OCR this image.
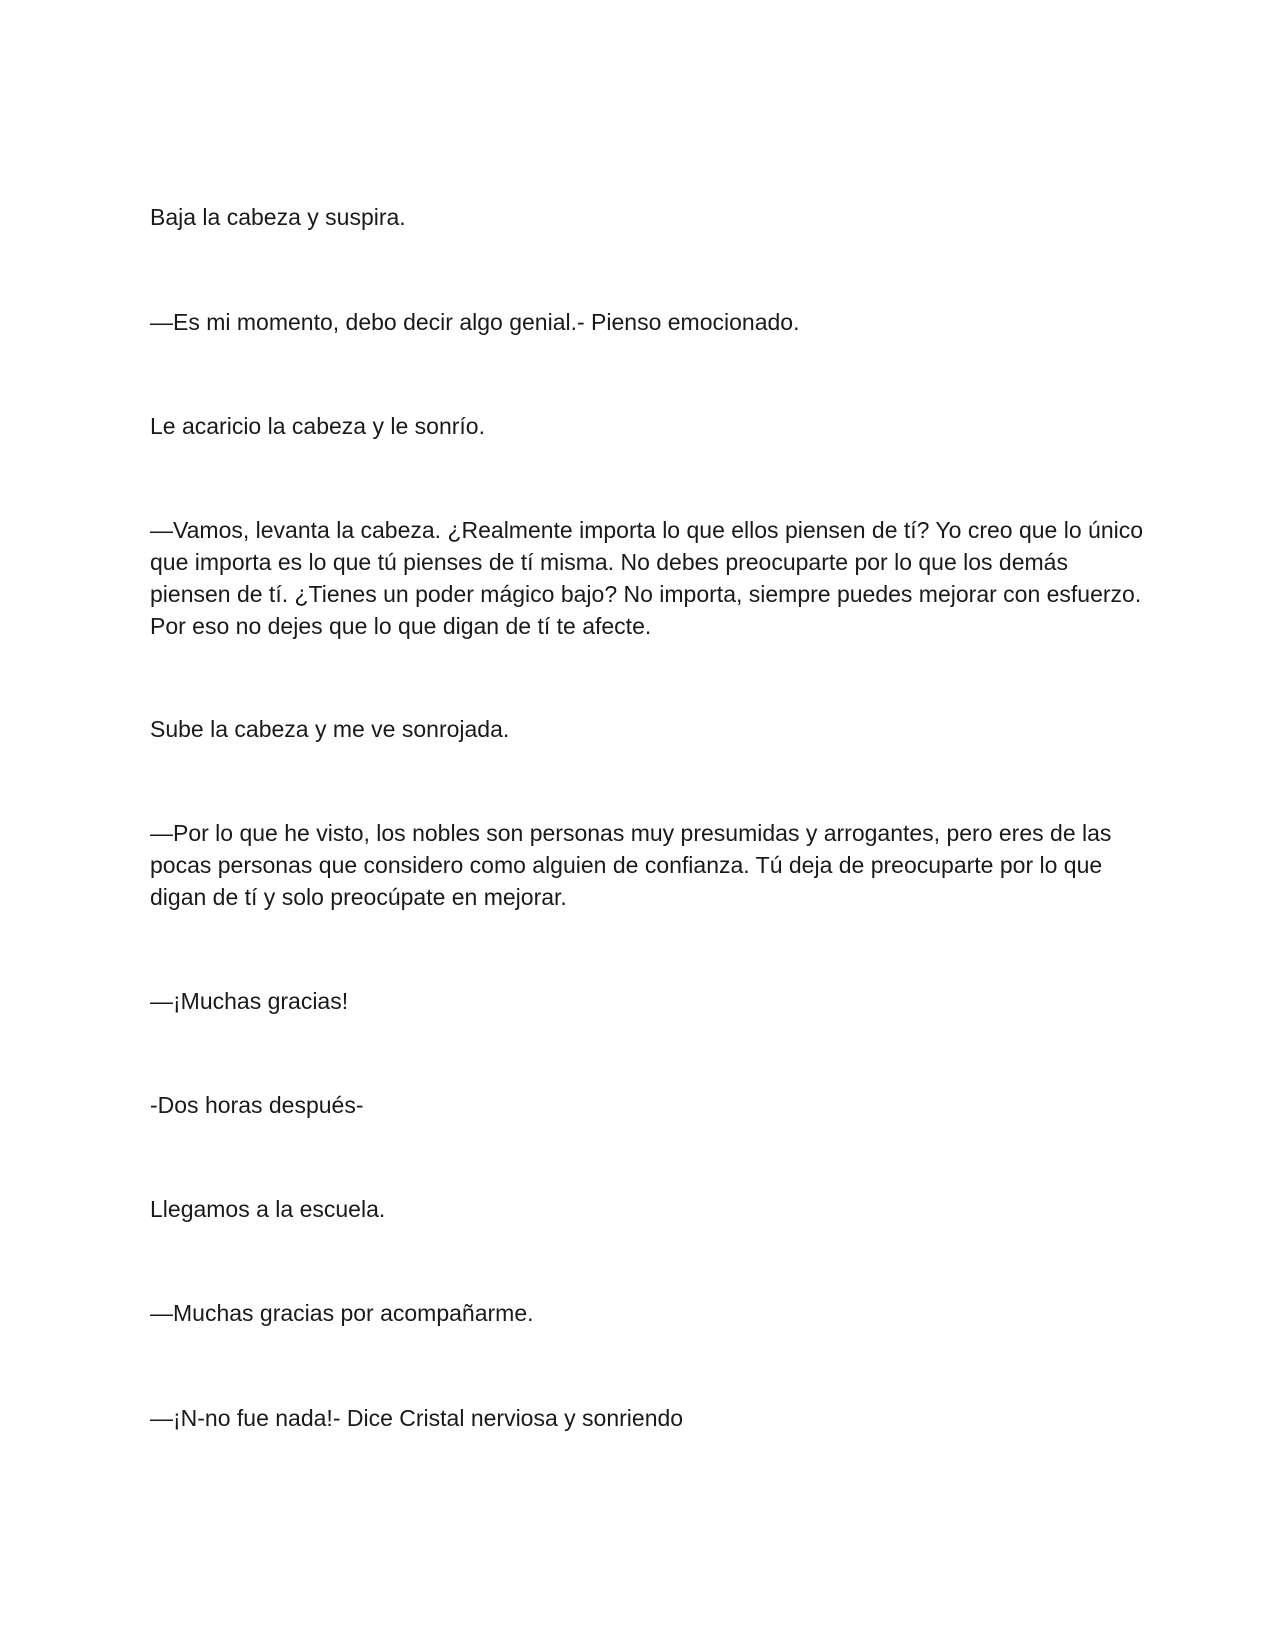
Baja la cabeza y suspira.

—Es mi momento, debo decir algo genial.- Pienso emocionado.

Le acaricio la cabeza y le sonrío.

—Vamos, levanta la cabeza. ¿Realmente importa lo que ellos piensen de tí? Yo creo que lo único
que importa es lo que tú pienses de tí misma. No debes preocuparte por lo que los demás
piensen de tí. ¿Tienes un poder mágico bajo? No importa, siempre puedes mejorar con esfuerzo.
Por eso no dejes que lo que digan de tí te afecte.

Sube la cabeza y me ve sonrojada.

—Por lo que he visto, los nobles son personas muy presumidas y arrogantes, pero eres de las
pocas personas que considero como alguien de confianza. Tú deja de preocuparte por lo que
digan de tí y solo preocúpate en mejorar.

—¡Muchas gracias!

-Dos horas después-

Llegamos a la escuela.

—Muchas gracias por acompañarme.

—¡N-no fue nada!- Dice Cristal nerviosa y sonriendo
